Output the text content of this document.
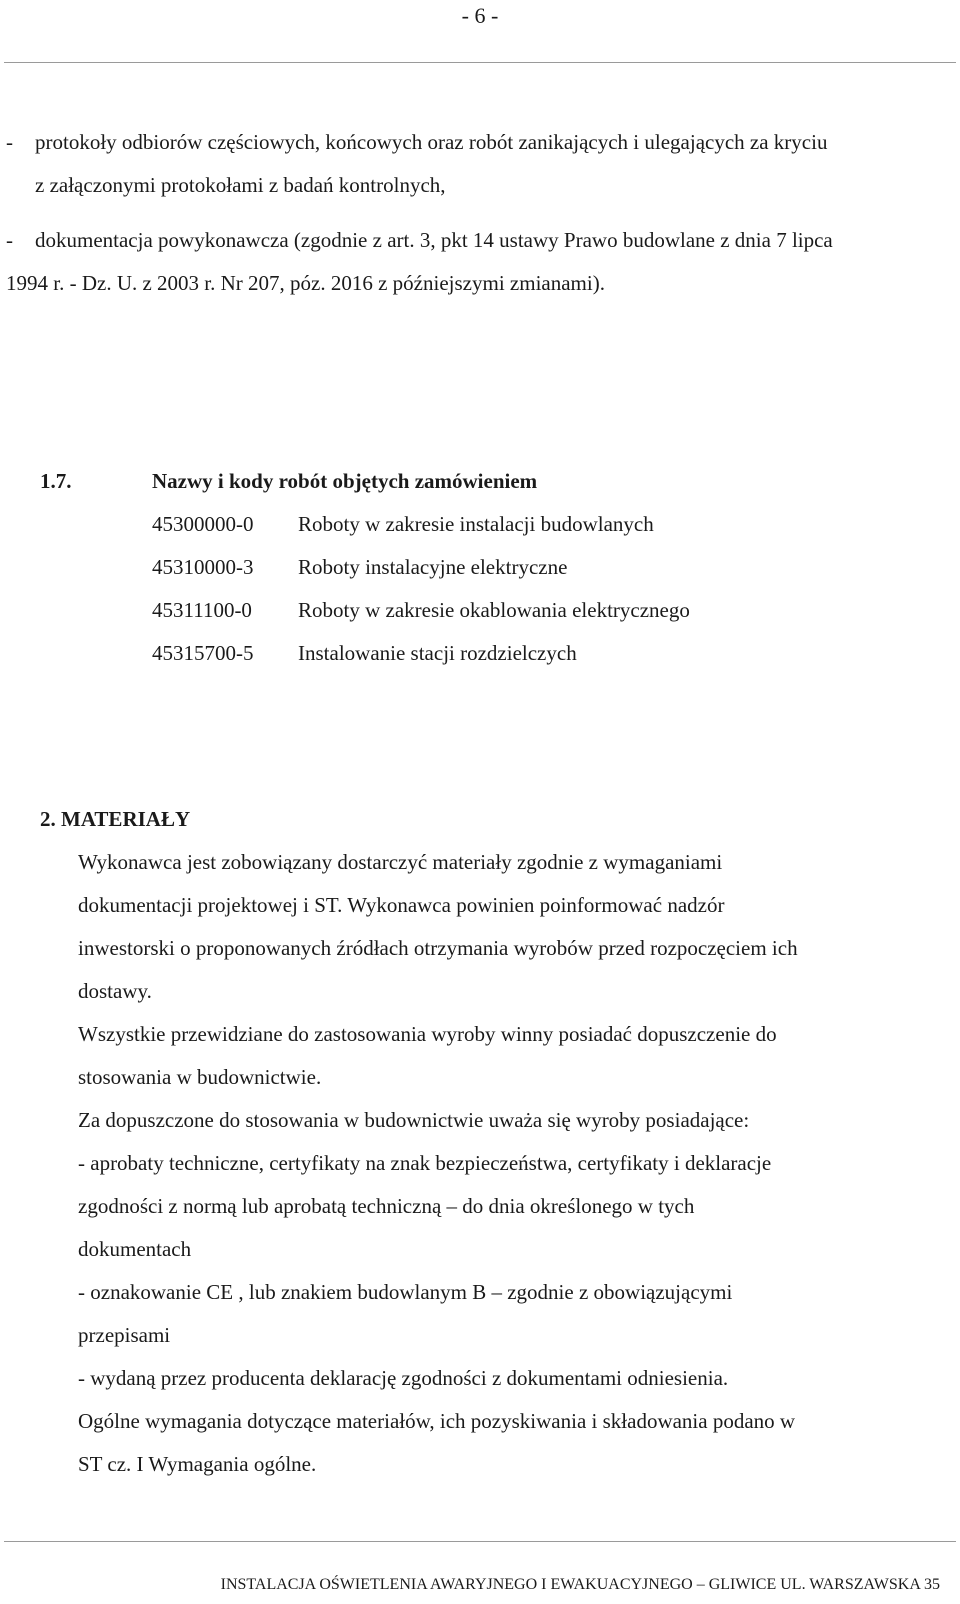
- 6 -
-	protokoły odbiorów częściowych, końcowych oraz robót zanikających i ulegających za kryciu
z załączonymi protokołami z badań kontrolnych,
-	dokumentacja powykonawcza (zgodnie z art. 3, pkt 14 ustawy Prawo budowlane z dnia 7 lipca
1994 r. - Dz. U. z 2003 r. Nr 207, póz. 2016 z późniejszymi zmianami).
1.7.	Nazwy i kody robót objętych zamówieniem
45300000-0 Roboty w zakresie instalacji budowlanych
45310000-3 Roboty instalacyjne elektryczne
45311100-0 Roboty w zakresie okablowania elektrycznego
45315700-5 Instalowanie stacji rozdzielczych
2. MATERIAŁY
Wykonawca jest zobowiązany dostarczyć materiały zgodnie z wymaganiami
dokumentacji projektowej i ST. Wykonawca powinien poinformować nadzór
inwestorski o proponowanych źródłach otrzymania wyrobów przed rozpoczęciem ich
dostawy.
Wszystkie przewidziane do zastosowania wyroby winny posiadać dopuszczenie do
stosowania w budownictwie.
Za dopuszczone do stosowania w budownictwie uważa się wyroby posiadające:
- aprobaty techniczne, certyfikaty na znak bezpieczeństwa, certyfikaty i deklaracje
zgodności z normą lub aprobatą techniczną – do dnia określonego w tych
dokumentach
- oznakowanie CE , lub znakiem budowlanym B – zgodnie z obowiązującymi
przepisami
- wydaną przez producenta deklarację zgodności z dokumentami odniesienia.
Ogólne wymagania dotyczące materiałów, ich pozyskiwania i składowania podano w
ST cz. I Wymagania ogólne.
INSTALACJA OŚWIETLENIA AWARYJNEGO I EWAKUACYJNEGO – GLIWICE UL. WARSZAWSKA 35
